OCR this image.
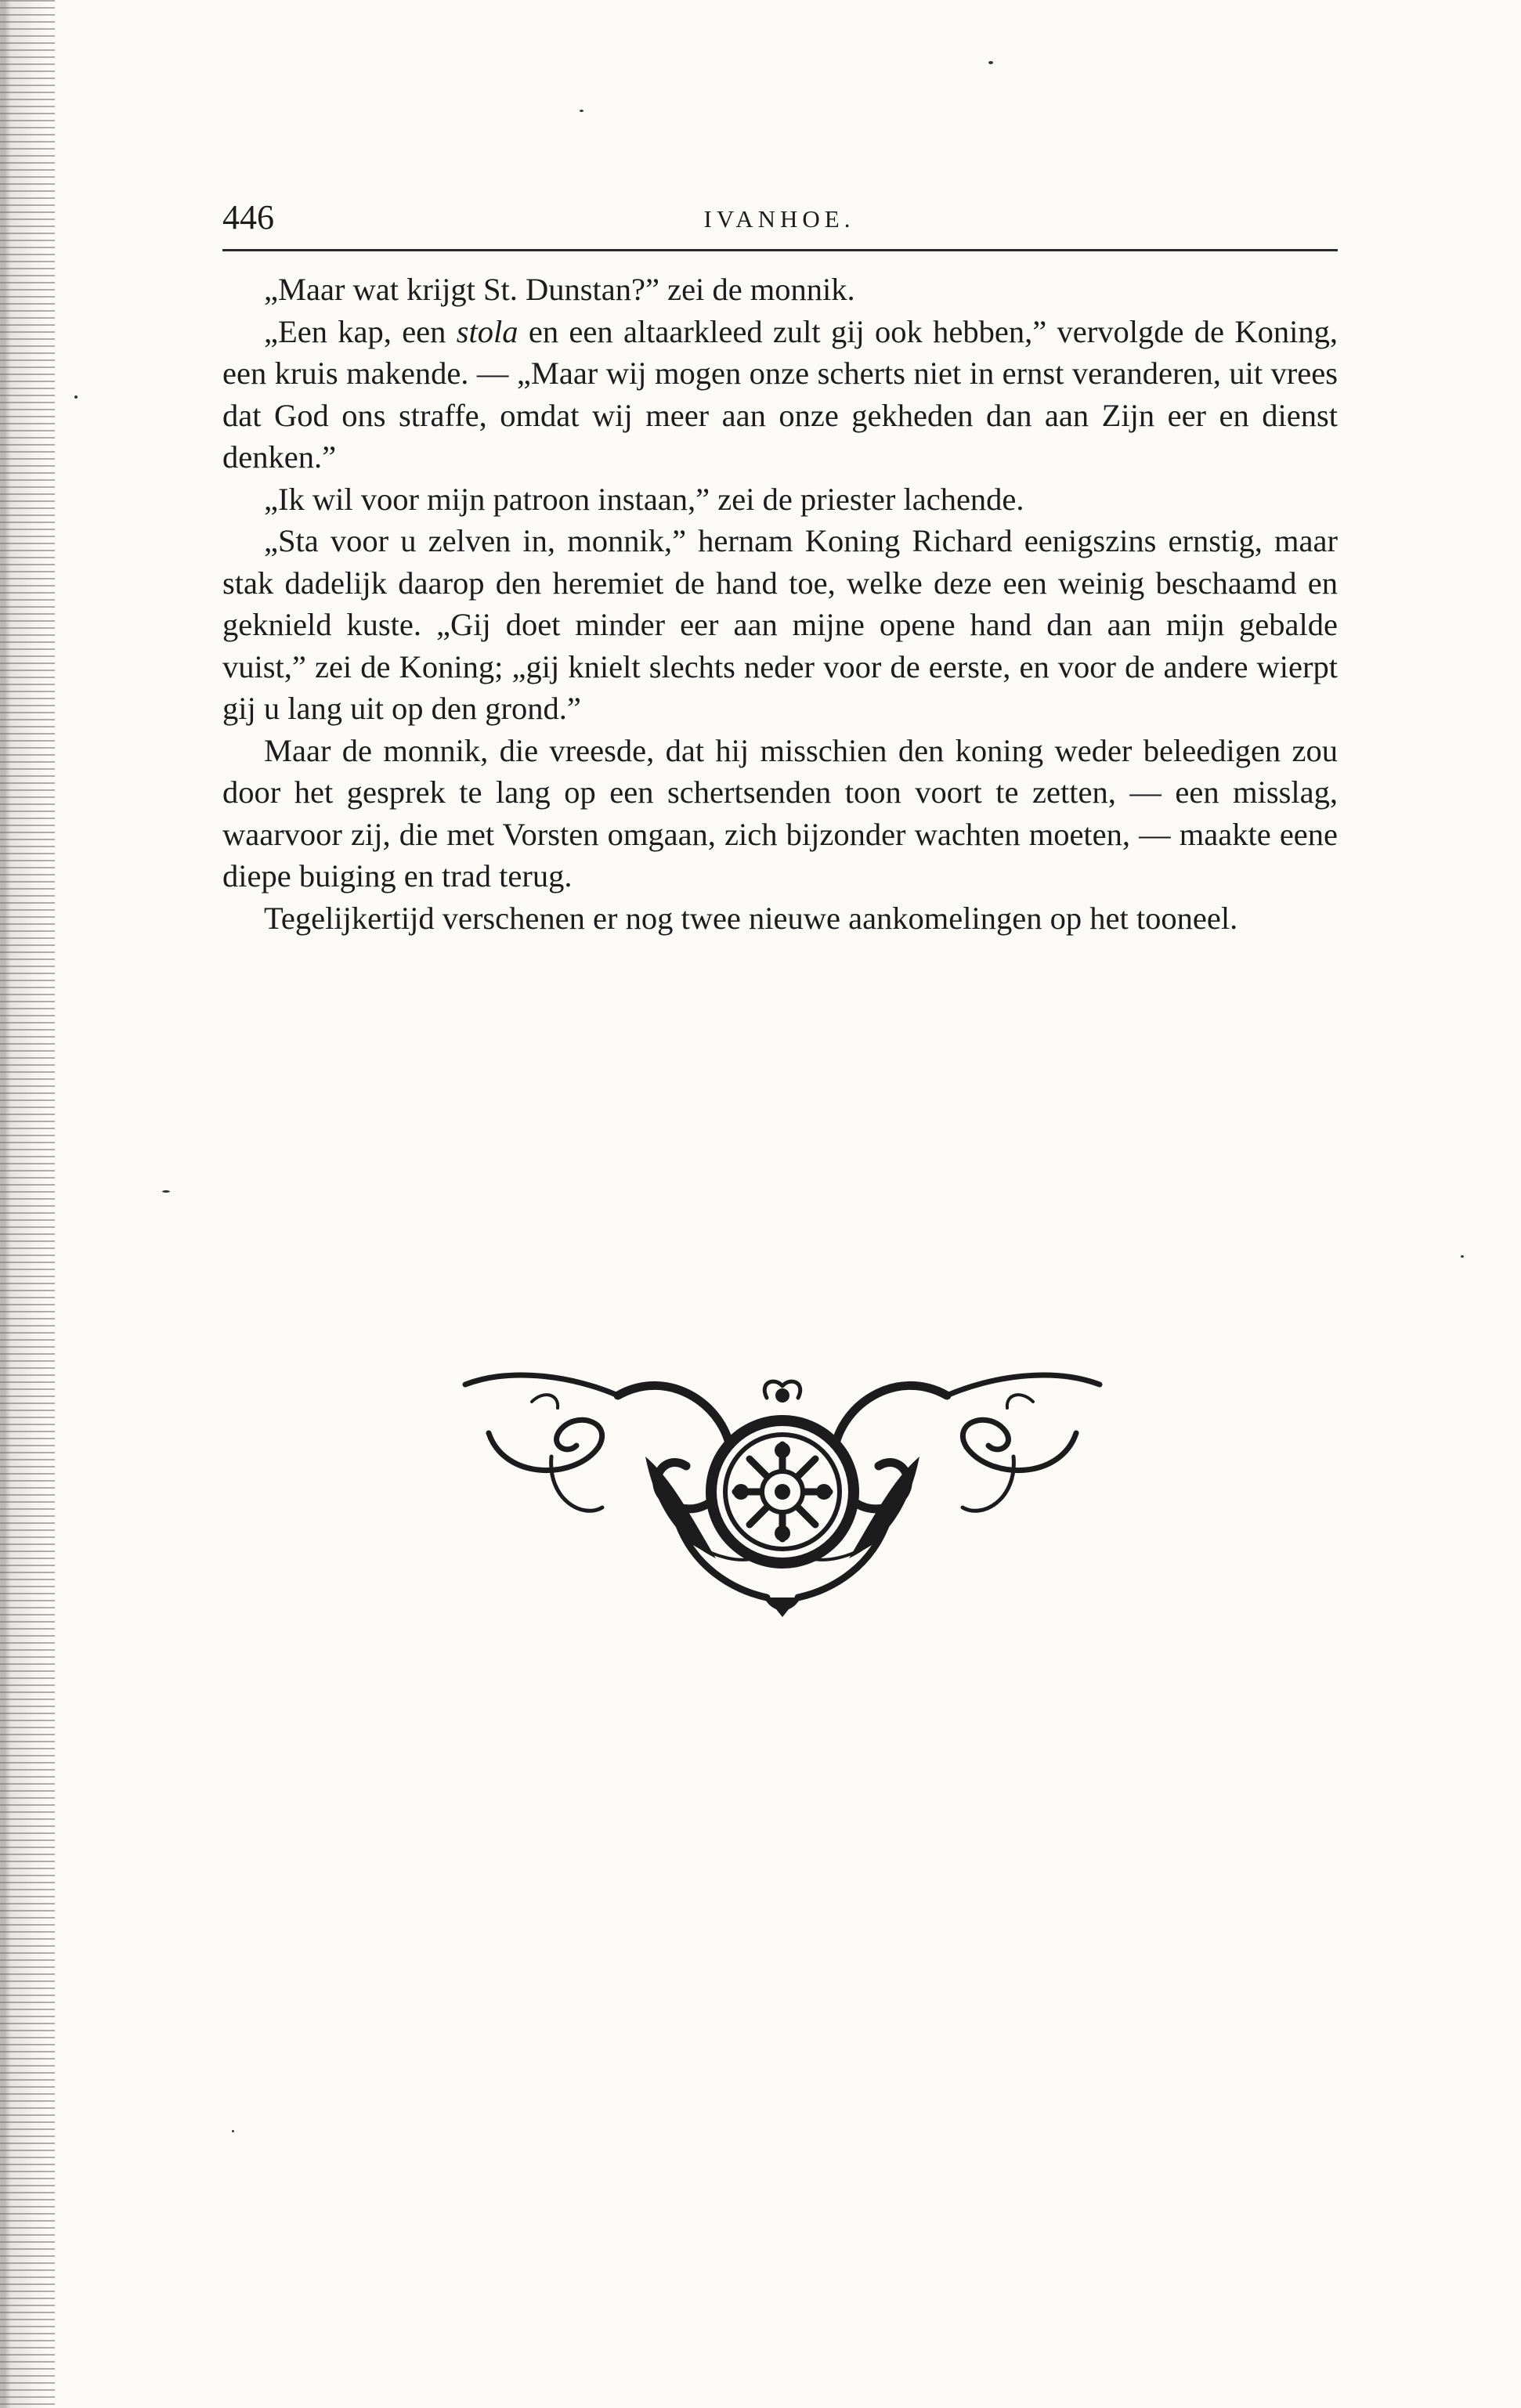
446	IVANHOE.

„Maar wat krijgt St. Dunstan?” zei de monnik.

„Een kap, een stola en een altaarkleed zult gij ook hebben,” vervolgde de Koning, een kruis makende. — „Maar wij mogen onze scherts niet in ernst veranderen, uit vrees dat God ons straffe, omdat wij meer aan onze gekheden dan aan Zijn eer en dienst denken.”

„Ik wil voor mijn patroon instaan,” zei de priester lachende.

„Sta voor u zelven in, monnik,” hernam Koning Richard eenigszins ernstig, maar stak dadelijk daarop den heremiet de hand toe, welke deze een weinig beschaamd en geknield kuste. „Gij doet minder eer aan mijne opene hand dan aan mijn gebalde vuist,” zei de Koning; „gij knielt slechts neder voor de eerste, en voor de andere wierpt gij u lang uit op den grond.”

Maar de monnik, die vreesde, dat hij misschien den koning weder beleedigen zou door het gesprek te lang op een schertsenden toon voort te zetten, — een misslag, waarvoor zij, die met Vorsten omgaan, zich bijzonder wachten moeten, — maakte eene diepe buiging en trad terug.

Tegelijkertijd verschenen er nog twee nieuwe aankomelingen op het tooneel.
